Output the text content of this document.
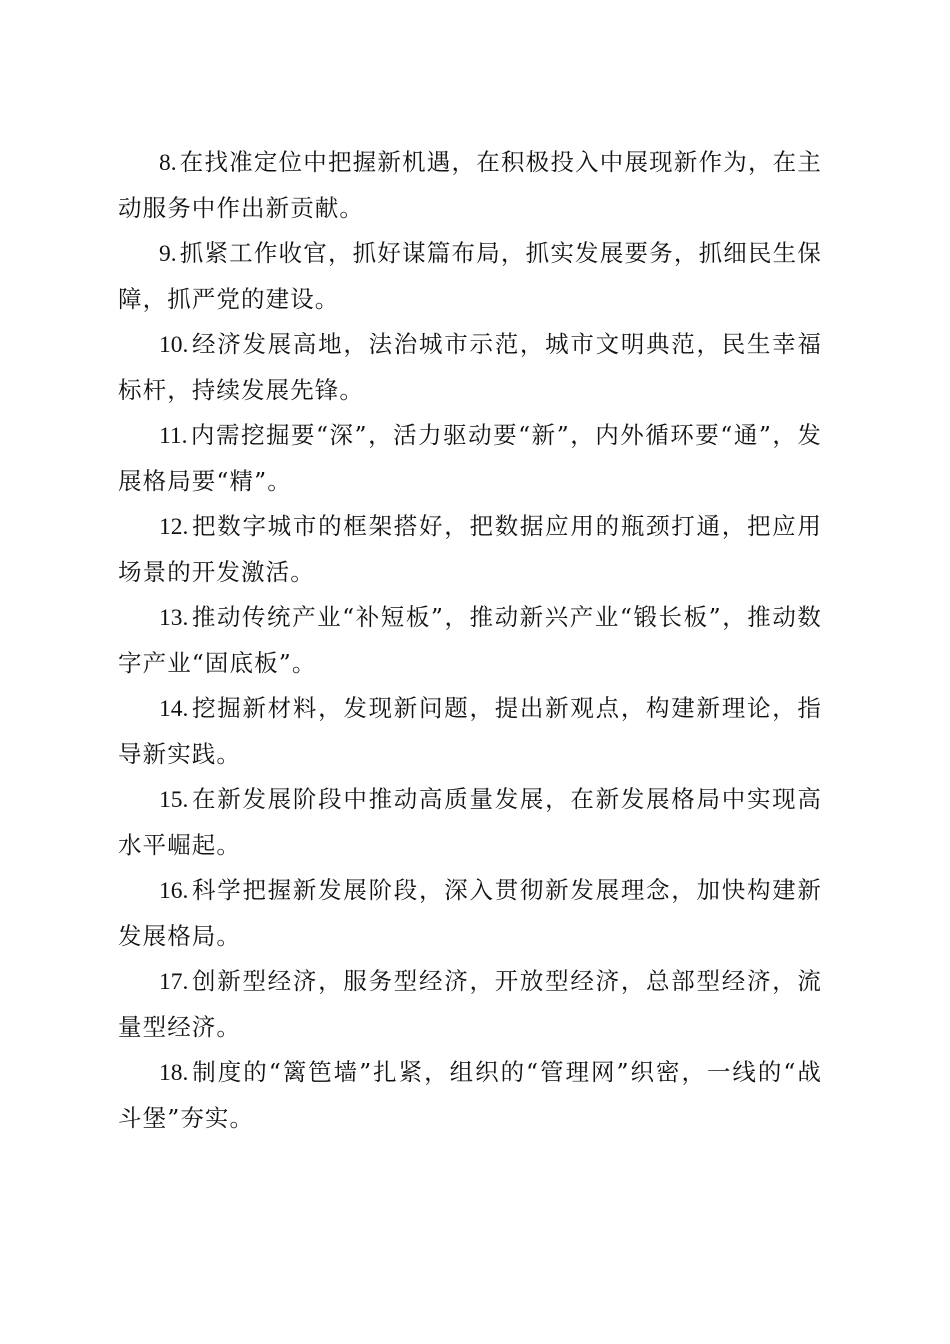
8. 在找准定位中把握新机遇，在积极投入中展现新作为，在主动服务中作出新贡献。

9. 抓紧工作收官，抓好谋篇布局，抓实发展要务，抓细民生保障，抓严党的建设。

10. 经济发展高地，法治城市示范，城市文明典范，民生幸福标杆，持续发展先锋。

11. 内需挖掘要“深”，活力驱动要“新”，内外循环要“通”，发展格局要“精”。

12. 把数字城市的框架搭好，把数据应用的瓶颈打通，把应用场景的开发激活。

13. 推动传统产业“补短板”，推动新兴产业“锻长板”，推动数字产业“固底板”。

14. 挖掘新材料，发现新问题，提出新观点，构建新理论，指导新实践。

15. 在新发展阶段中推动高质量发展，在新发展格局中实现高水平崛起。

16. 科学把握新发展阶段，深入贯彻新发展理念，加快构建新发展格局。

17. 创新型经济，服务型经济，开放型经济，总部型经济，流量型经济。

18. 制度的“篱笆墙”扎紧，组织的“管理网”织密，一线的“战斗堡”夯实。
